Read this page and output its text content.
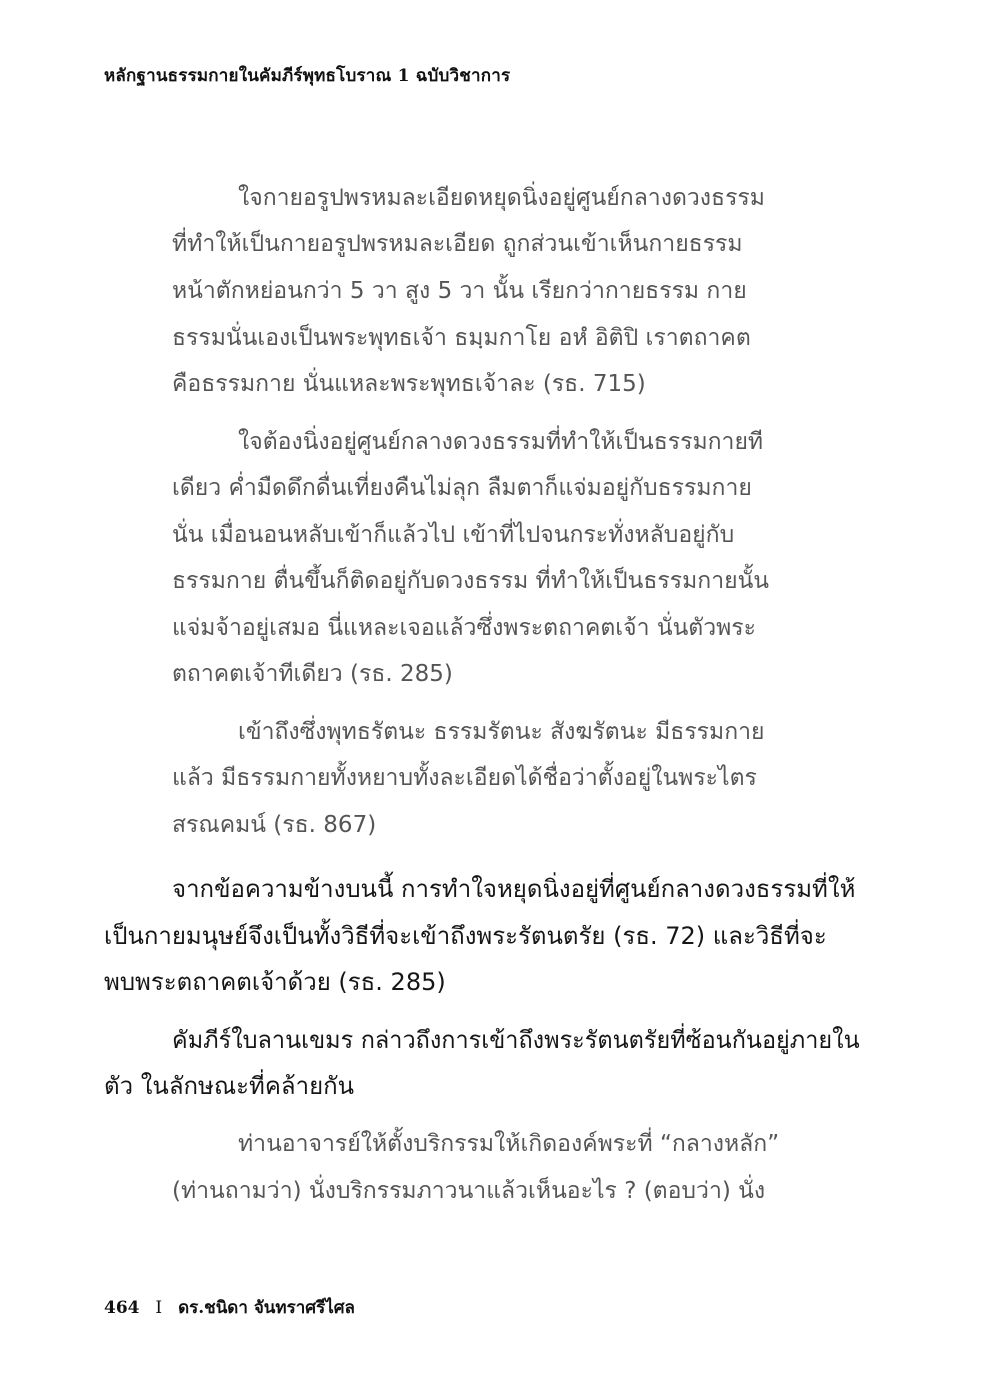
หลักฐานธรรมกายในคัมภีร์พุทธโบราณ 1 ฉบับวิชาการ
ใจกายอรูปพรหมละเอียดหยุดนิ่งอยู่ศูนย์กลางดวงธรรม
ที่ทำให้เป็นกายอรูปพรหมละเอียด ถูกส่วนเข้าเห็นกายธรรม
หน้าตักหย่อนกว่า 5 วา สูง 5 วา นั้น เรียกว่ากายธรรม กาย
ธรรมนั่นเองเป็นพระพุทธเจ้า ธมฺมกาโย อหํ อิติปิ เราตถาคต
คือธรรมกาย นั่นแหละพระพุทธเจ้าละ (รธ. 715)
ใจต้องนิ่งอยู่ศูนย์กลางดวงธรรมที่ทำให้เป็นธรรมกายที
เดียว ค่ำมืดดึกดื่นเที่ยงคืนไม่ลุก ลืมตาก็แจ่มอยู่กับธรรมกาย
นั่น เมื่อนอนหลับเข้าก็แล้วไป เข้าที่ไปจนกระทั่งหลับอยู่กับ
ธรรมกาย ตื่นขึ้นก็ติดอยู่กับดวงธรรม ที่ทำให้เป็นธรรมกายนั้น
แจ่มจ้าอยู่เสมอ นี่แหละเจอแล้วซึ่งพระตถาคตเจ้า นั่นตัวพระ
ตถาคตเจ้าทีเดียว (รธ. 285)
เข้าถึงซึ่งพุทธรัตนะ ธรรมรัตนะ สังฆรัตนะ มีธรรมกาย
แล้ว มีธรรมกายทั้งหยาบทั้งละเอียดได้ชื่อว่าตั้งอยู่ในพระไตร
สรณคมน์ (รธ. 867)
จากข้อความข้างบนนี้ การทำใจหยุดนิ่งอยู่ที่ศูนย์กลางดวงธรรมที่ให้
เป็นกายมนุษย์จึงเป็นทั้งวิธีที่จะเข้าถึงพระรัตนตรัย (รธ. 72) และวิธีที่จะ
พบพระตถาคตเจ้าด้วย (รธ. 285)
คัมภีร์ใบลานเขมร กล่าวถึงการเข้าถึงพระรัตนตรัยที่ซ้อนกันอยู่ภายใน
ตัว ในลักษณะที่คล้ายกัน
ท่านอาจารย์ให้ตั้งบริกรรมให้เกิดองค์พระที่ “กลางหลัก”
(ท่านถามว่า) นั่งบริกรรมภาวนาแล้วเห็นอะไร ? (ตอบว่า) นั่ง
464 I ดร.ชนิดา จันทราศรีไศล
